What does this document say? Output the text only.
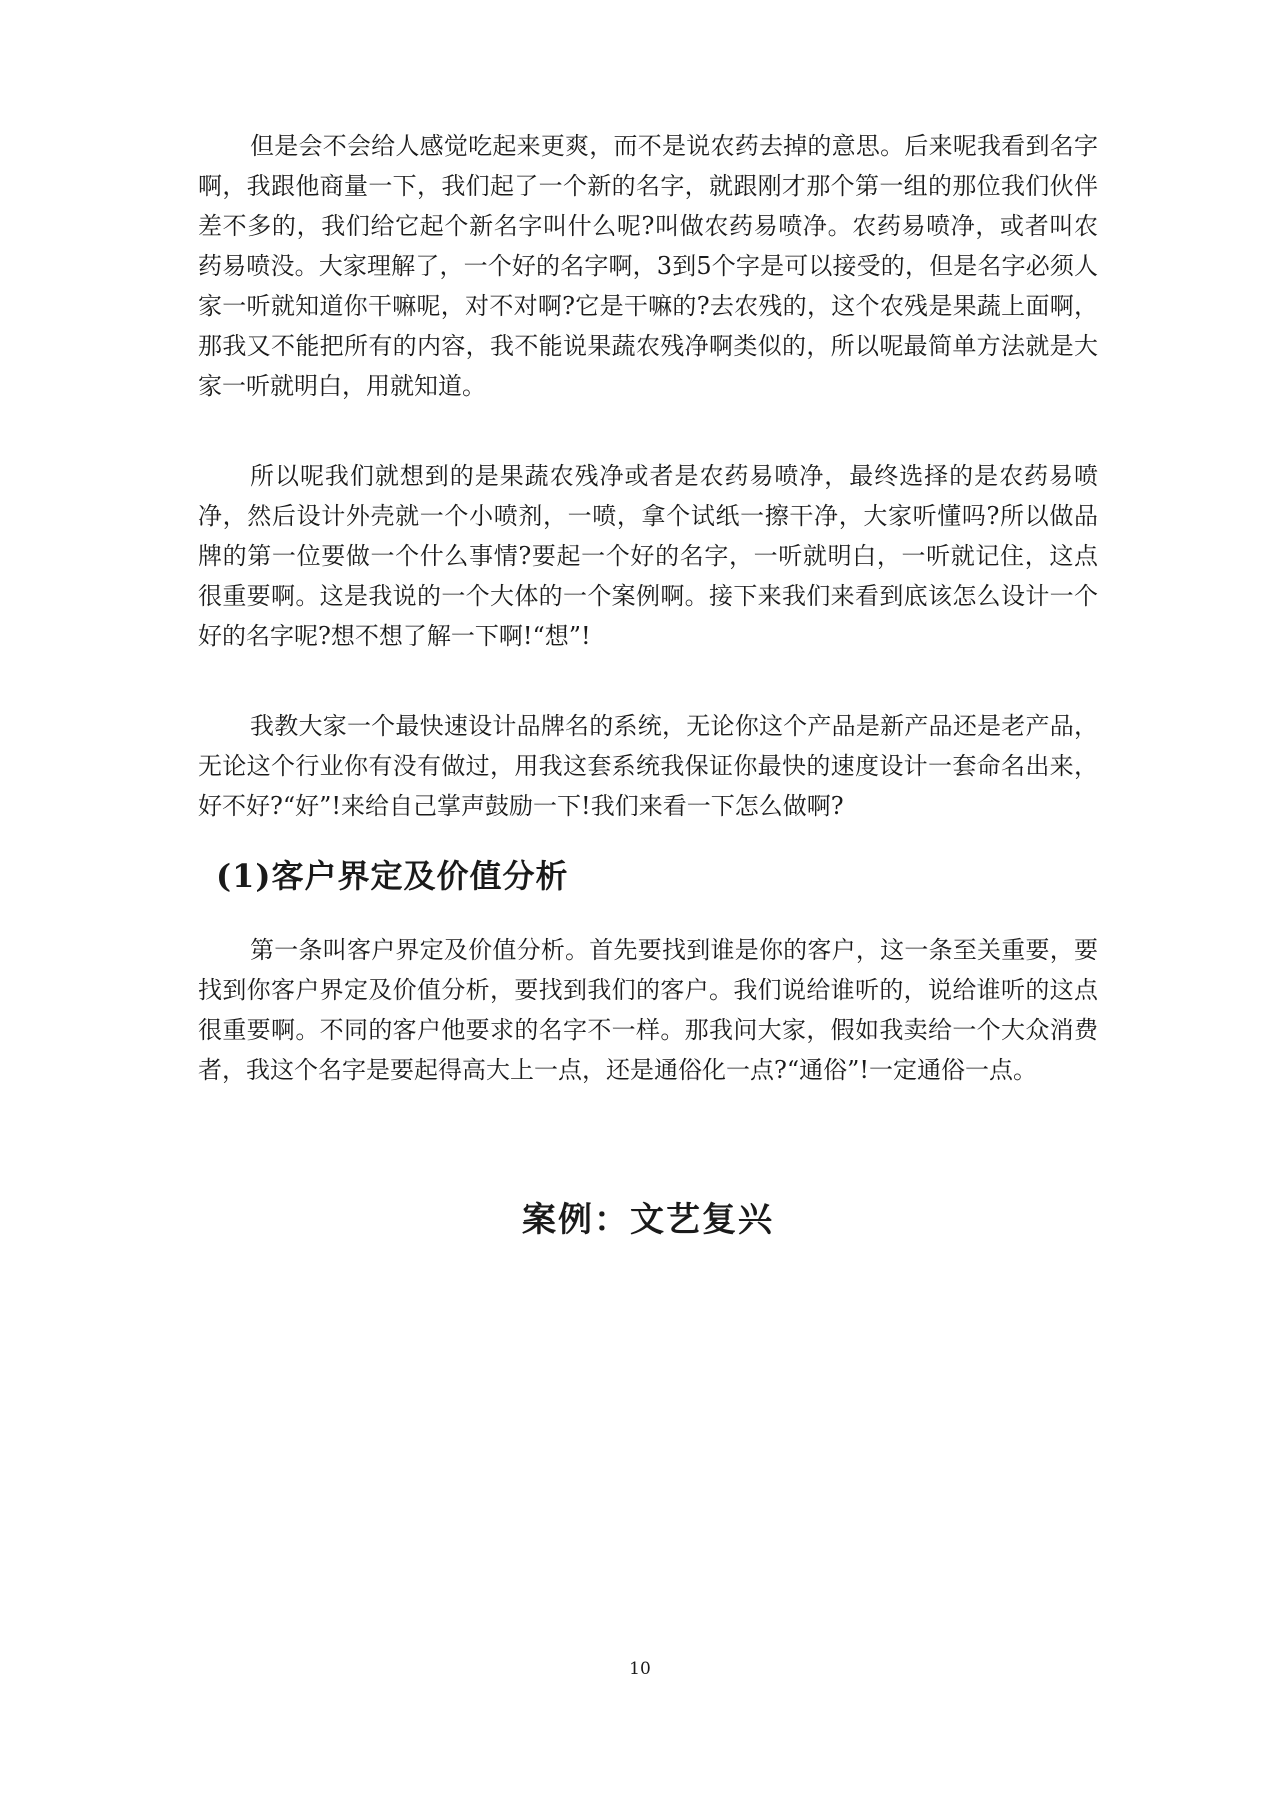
但是会不会给人感觉吃起来更爽，而不是说农药去掉的意思。后来呢我看到名字啊，我跟他商量一下，我们起了一个新的名字，就跟刚才那个第一组的那位我们伙伴差不多的，我们给它起个新名字叫什么呢?叫做农药易喷净。农药易喷净，或者叫农药易喷没。大家理解了，一个好的名字啊，3到5个字是可以接受的，但是名字必须人家一听就知道你干嘛呢，对不对啊?它是干嘛的?去农残的，这个农残是果蔬上面啊，那我又不能把所有的内容，我不能说果蔬农残净啊类似的，所以呢最简单方法就是大家一听就明白，用就知道。

所以呢我们就想到的是果蔬农残净或者是农药易喷净，最终选择的是农药易喷净，然后设计外壳就一个小喷剂，一喷，拿个试纸一擦干净，大家听懂吗?所以做品牌的第一位要做一个什么事情?要起一个好的名字，一听就明白，一听就记住，这点很重要啊。这是我说的一个大体的一个案例啊。接下来我们来看到底该怎么设计一个好的名字呢?想不想了解一下啊!“想”!

我教大家一个最快速设计品牌名的系统，无论你这个产品是新产品还是老产品，无论这个行业你有没有做过，用我这套系统我保证你最快的速度设计一套命名出来，好不好?“好”!来给自己掌声鼓励一下!我们来看一下怎么做啊?

(1)客户界定及价值分析

第一条叫客户界定及价值分析。首先要找到谁是你的客户，这一条至关重要，要找到你客户界定及价值分析，要找到我们的客户。我们说给谁听的，说给谁听的这点很重要啊。不同的客户他要求的名字不一样。那我问大家，假如我卖给一个大众消费者，我这个名字是要起得高大上一点，还是通俗化一点?“通俗”!一定通俗一点。

案例：文艺复兴
10
